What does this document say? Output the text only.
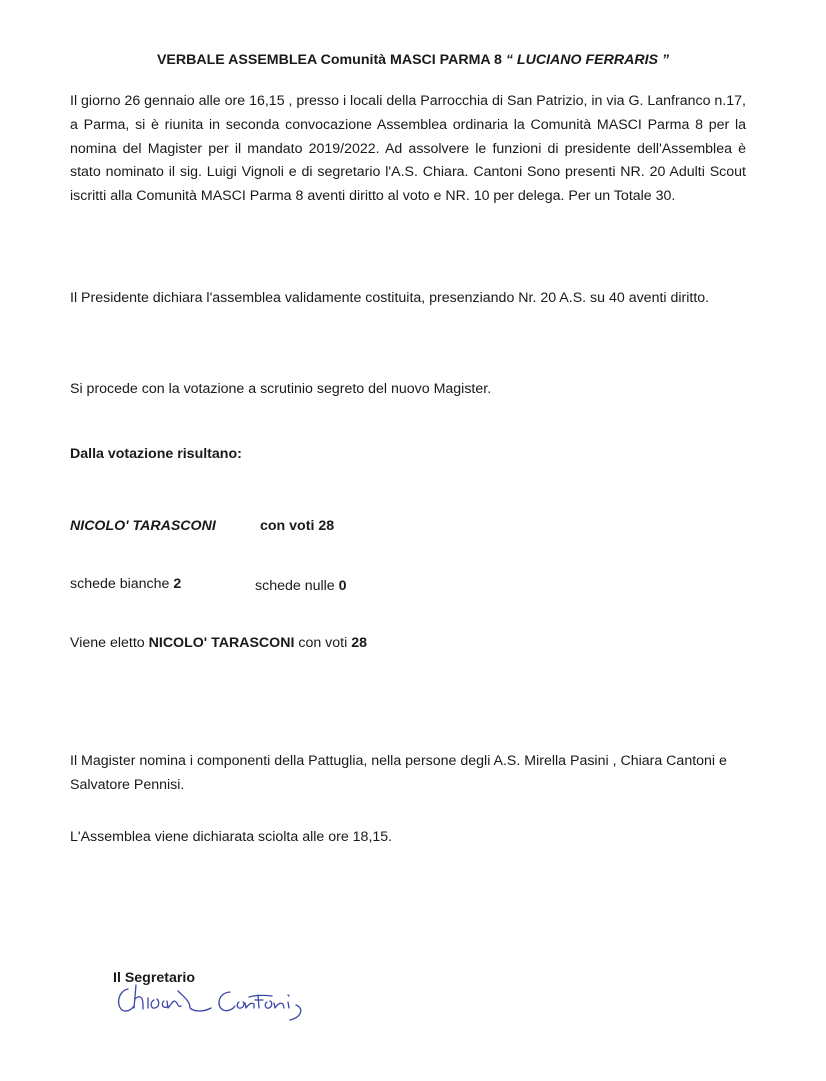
VERBALE ASSEMBLEA Comunità MASCI PARMA 8 “ LUCIANO FERRARIS ”
Il giorno 26 gennaio alle ore 16,15 , presso i locali della Parrocchia di San Patrizio, in via G. Lanfranco n.17, a Parma, si è riunita in seconda convocazione Assemblea ordinaria la Comunità MASCI Parma 8 per la nomina del Magister per il mandato 2019/2022. Ad assolvere le funzioni di presidente dell'Assemblea è stato nominato il sig. Luigi Vignoli e di segretario l'A.S. Chiara. Cantoni Sono presenti NR. 20 Adulti Scout iscritti alla Comunità MASCI Parma 8 aventi diritto al voto e NR. 10 per delega. Per un Totale 30.
Il Presidente dichiara l'assemblea validamente costituita, presenziando Nr. 20 A.S. su 40 aventi diritto.
Si procede con la votazione a scrutinio segreto del nuovo Magister.
Dalla votazione risultano:
NICOLO' TARASCONI	con voti 28
schede bianche 2	schede nulle 0
Viene eletto NICOLO' TARASCONI con voti 28
Il Magister nomina i componenti della Pattuglia, nella persone degli A.S. Mirella Pasini , Chiara Cantoni e Salvatore Pennisi.
L'Assemblea viene dichiarata sciolta alle ore 18,15.
Il Segretario
